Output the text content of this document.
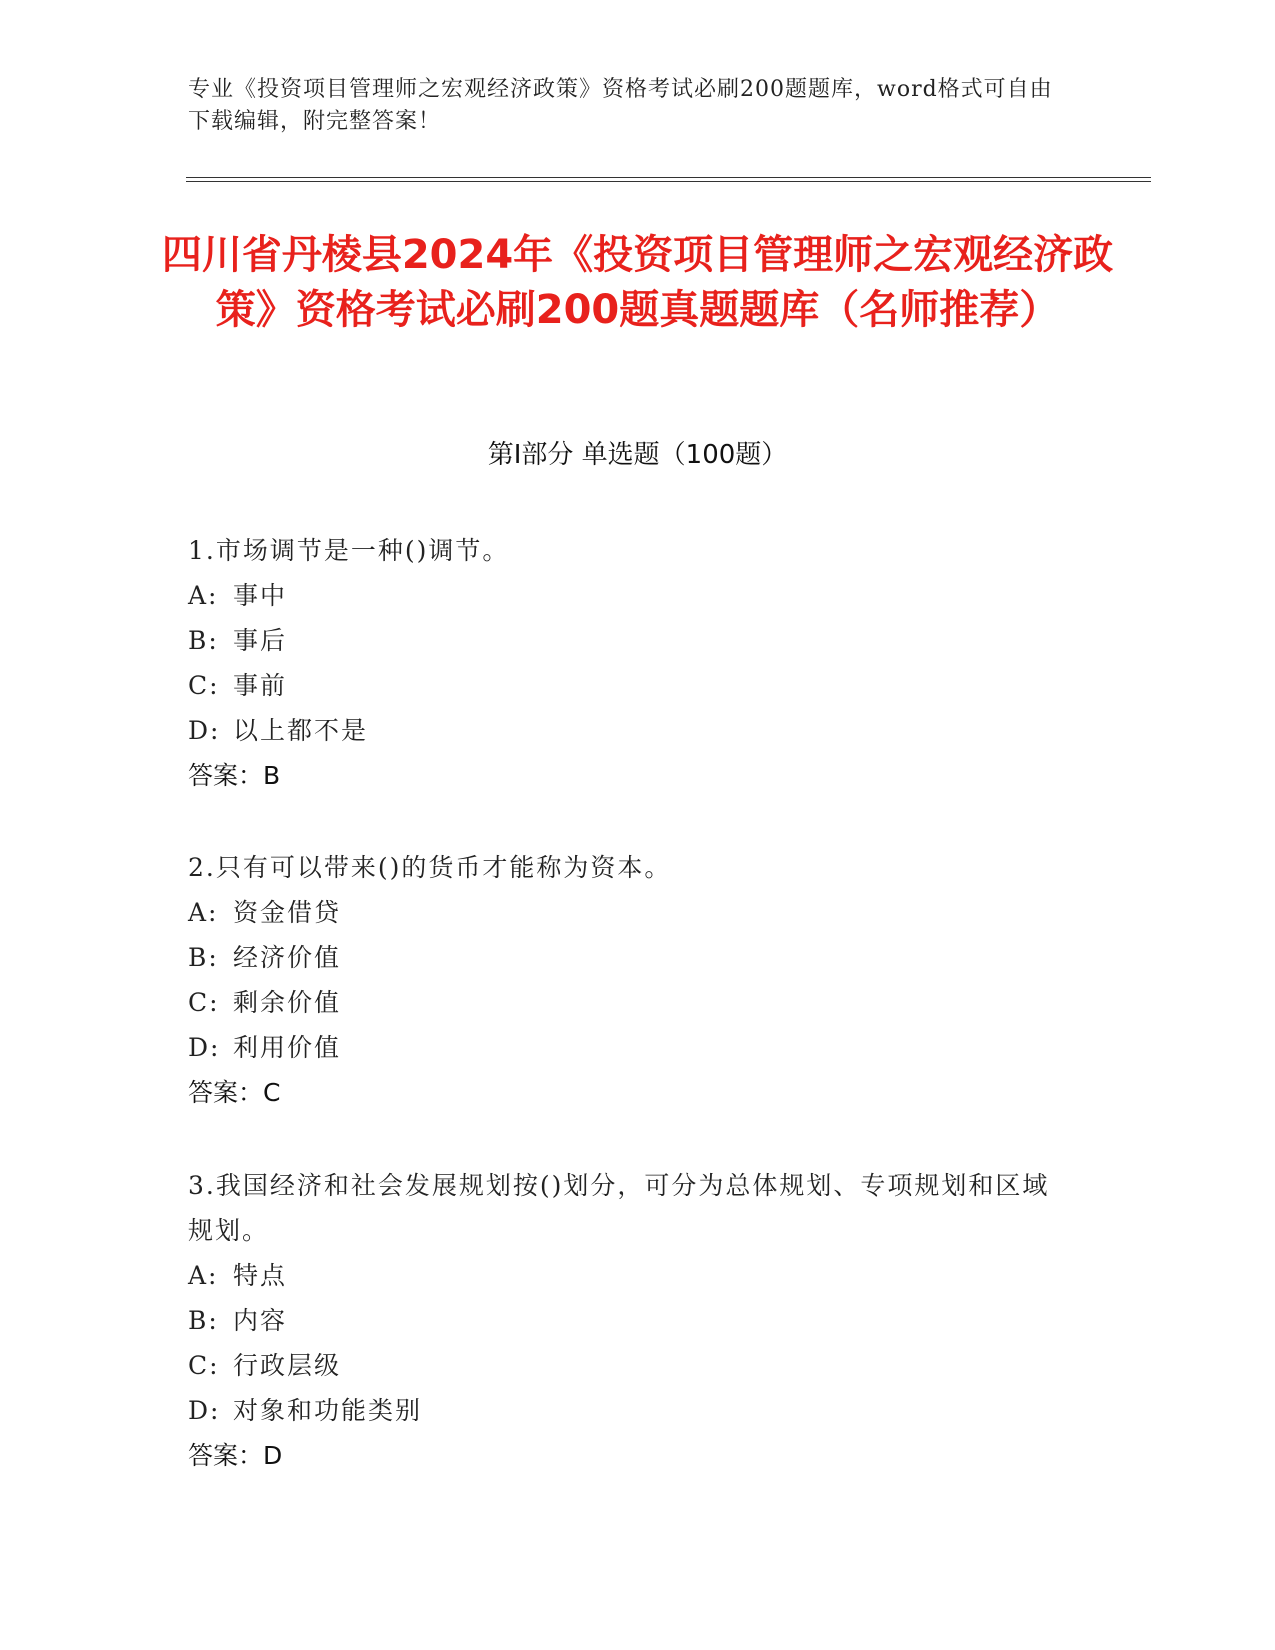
专业《投资项目管理师之宏观经济政策》资格考试必刷200题题库，word格式可自由下载编辑，附完整答案！
四川省丹棱县2024年《投资项目管理师之宏观经济政策》资格考试必刷200题真题题库（名师推荐）
第I部分 单选题（100题）
1.市场调节是一种()调节。
A: 事中
B: 事后
C: 事前
D: 以上都不是
答案：B
2.只有可以带来()的货币才能称为资本。
A: 资金借贷
B: 经济价值
C: 剩余价值
D: 利用价值
答案：C
3.我国经济和社会发展规划按()划分，可分为总体规划、专项规划和区域规划。
A: 特点
B: 内容
C: 行政层级
D: 对象和功能类别
答案：D
